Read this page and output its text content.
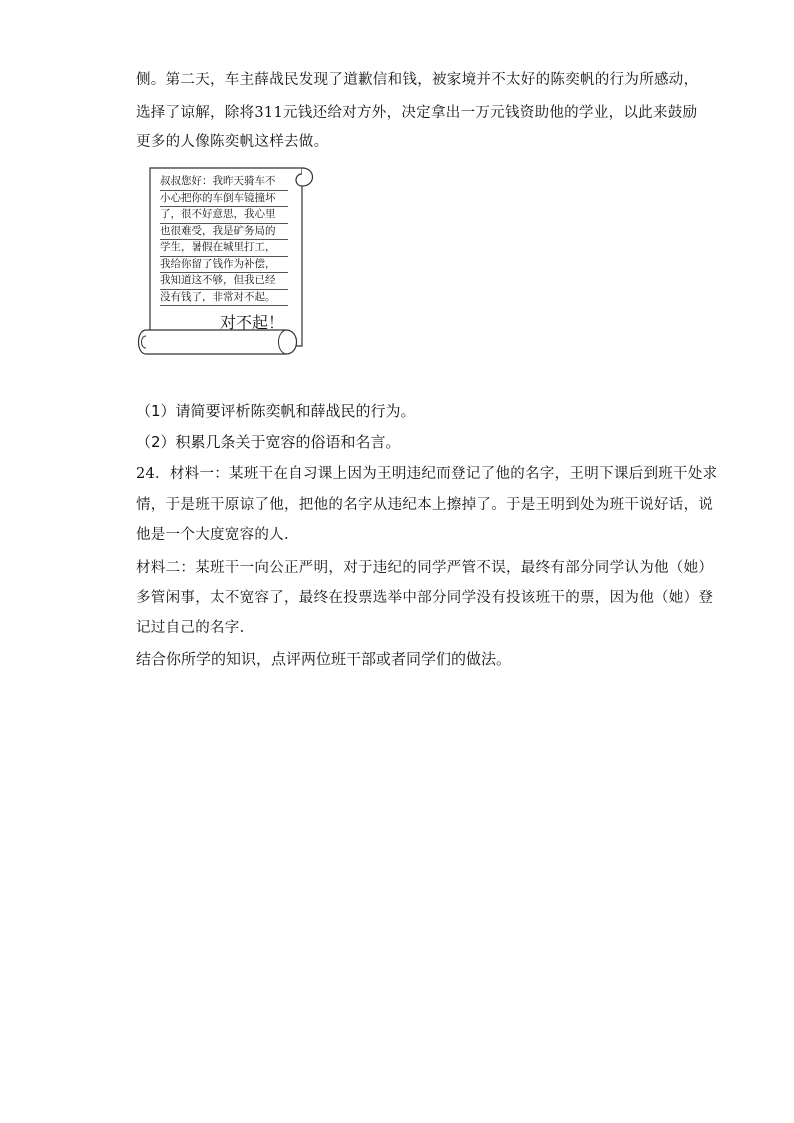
侧。第二天，车主薛战民发现了道歉信和钱，被家境并不太好的陈奕帆的行为所感动，
选择了谅解，除将311元钱还给对方外，决定拿出一万元钱资助他的学业，以此来鼓励
更多的人像陈奕帆这样去做。
叔叔您好：我昨天骑车不
小心把你的车倒车镜撞坏
了，很不好意思，我心里
也很难受，我是矿务局的
学生，暑假在城里打工，
我给你留了钱作为补偿，
我知道这不够，但我已经
没有钱了，非常对不起。
对不起！
（1）请简要评析陈奕帆和薛战民的行为。
（2）积累几条关于宽容的俗语和名言。
24．材料一：某班干在自习课上因为王明违纪而登记了他的名字，王明下课后到班干处求
情，于是班干原谅了他，把他的名字从违纪本上擦掉了。于是王明到处为班干说好话，说
他是一个大度宽容的人.
材料二：某班干一向公正严明，对于违纪的同学严管不误，最终有部分同学认为他（她）
多管闲事，太不宽容了，最终在投票选举中部分同学没有投该班干的票，因为他（她）登
记过自己的名字.
结合你所学的知识，点评两位班干部或者同学们的做法。
